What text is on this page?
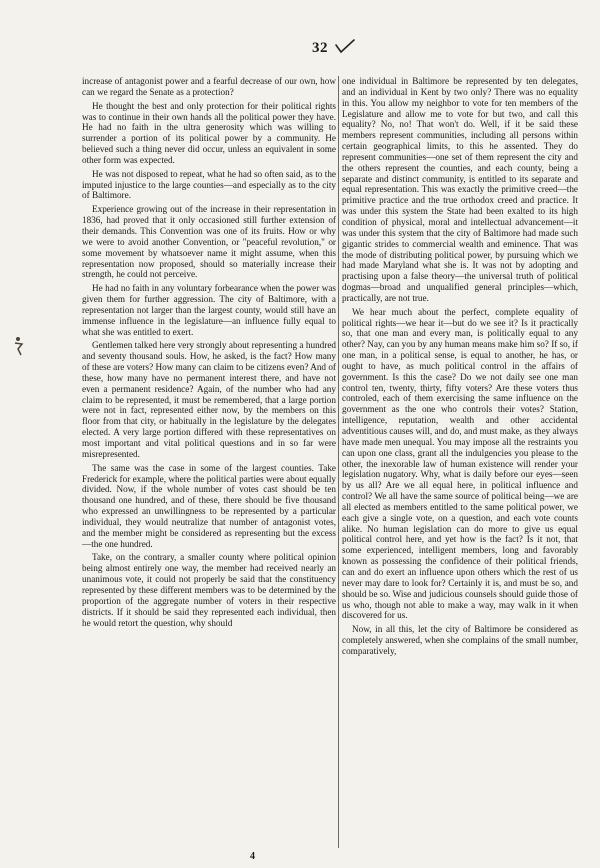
32

increase of antagonist power and a fearful decrease of our own, how can we regard the Senate as a protection?

He thought the best and only protection for their political rights was to continue in their own hands all the political power they have. He had no faith in the ultra generosity which was willing to surrender a portion of its political power by a community. He believed such a thing never did occur, unless an equivalent in some other form was expected.

He was not disposed to repeat, what he had so often said, as to the imputed injustice to the large counties—and especially as to the city of Baltimore.

Experience growing out of the increase in their representation in 1836, had proved that it only occasioned still further extension of their demands. This Convention was one of its fruits. How or why we were to avoid another Convention, or "peaceful revolution," or some movement by whatsoever name it might assume, when this representation now proposed, should so materially increase their strength, he could not perceive.

He had no faith in any voluntary forbearance when the power was given them for further aggression. The city of Baltimore, with a representation not larger than the largest county, would still have an immense influence in the legislature—an influence fully equal to what she was entitled to exert.

Gentlemen talked here very strongly about representing a hundred and seventy thousand souls. How, he asked, is the fact? How many of these are voters? How many can claim to be citizens even? And of these, how many have no permanent interest there, and have not even a permanent residence? Again, of the number who had any claim to be represented, it must be remembered, that a large portion were not in fact, represented either now, by the members on this floor from that city, or habitually in the legislature by the delegates elected. A very large portion differed with these representatives on most important and vital political questions and in so far were misrepresented.

The same was the case in some of the largest counties. Take Frederick for example, where the political parties were about equally divided. Now, if the whole number of votes cast should be ten thousand one hundred, and of these, there should be five thousand who expressed an unwillingness to be represented by a particular individual, they would neutralize that number of antagonist votes, and the member might be considered as representing but the excess—the one hundred.

Take, on the contrary, a smaller county where political opinion being almost entirely one way, the member had received nearly an unanimous vote, it could not properly be said that the constituency represented by these different members was to be determined by the proportion of the aggregate number of voters in their respective districts. If it should be said they represented each individual, then he would retort the question, why should

one individual in Baltimore be represented by ten delegates, and an individual in Kent by two only? There was no equality in this. You allow my neighbor to vote for ten members of the Legislature and allow me to vote for but two, and call this equality? No, no! That won't do. Well, if it be said these members represent communities, including all persons within certain geographical limits, to this he assented. They do represent communities—one set of them represent the city and the others represent the counties, and each county, being a separate and distinct community, is entitled to its separate and equal representation. This was exactly the primitive creed—the primitive practice and the true orthodox creed and practice. It was under this system the State had been exalted to its high condition of physical, moral and intellectual advancement—it was under this system that the city of Baltimore had made such gigantic strides to commercial wealth and eminence. That was the mode of distributing political power, by pursuing which we had made Maryland what she is. It was not by adopting and practising upon a false theory—the universal truth of political dogmas—broad and unqualified general principles—which, practically, are not true.

We hear much about the perfect, complete equality of political rights—we hear it—but do we see it? Is it practically so, that one man and every man, is politically equal to any other? Nay, can you by any human means make him so? If so, if one man, in a political sense, is equal to another, he has, or ought to have, as much political control in the affairs of government. Is this the case? Do we not daily see one man control ten, twenty, thirty, fifty voters? Are these voters thus controled, each of them exercising the same influence on the government as the one who controls their votes? Station, intelligence, reputation, wealth and other accidental adventitious causes will, and do, and must make, as they always have made men unequal. You may impose all the restraints you can upon one class, grant all the indulgencies you please to the other, the inexorable law of human existence will render your legislation nugatory. Why, what is daily before our eyes—seen by us all? Are we all equal here, in political influence and control? We all have the same source of political being—we are all elected as members entitled to the same political power, we each give a single vote, on a question, and each vote counts alike. No human legislation can do more to give us equal political control here, and yet how is the fact? Is it not, that some experienced, intelligent members, long and favorably known as possessing the confidence of their political friends, can and do exert an influence upon others which the rest of us never may dare to look for? Certainly it is, and must be so, and should be so. Wise and judicious counsels should guide those of us who, though not able to make a way, may walk in it when discovered for us.

Now, in all this, let the city of Baltimore be considered as completely answered, when she complains of the small number, comparatively,

4
